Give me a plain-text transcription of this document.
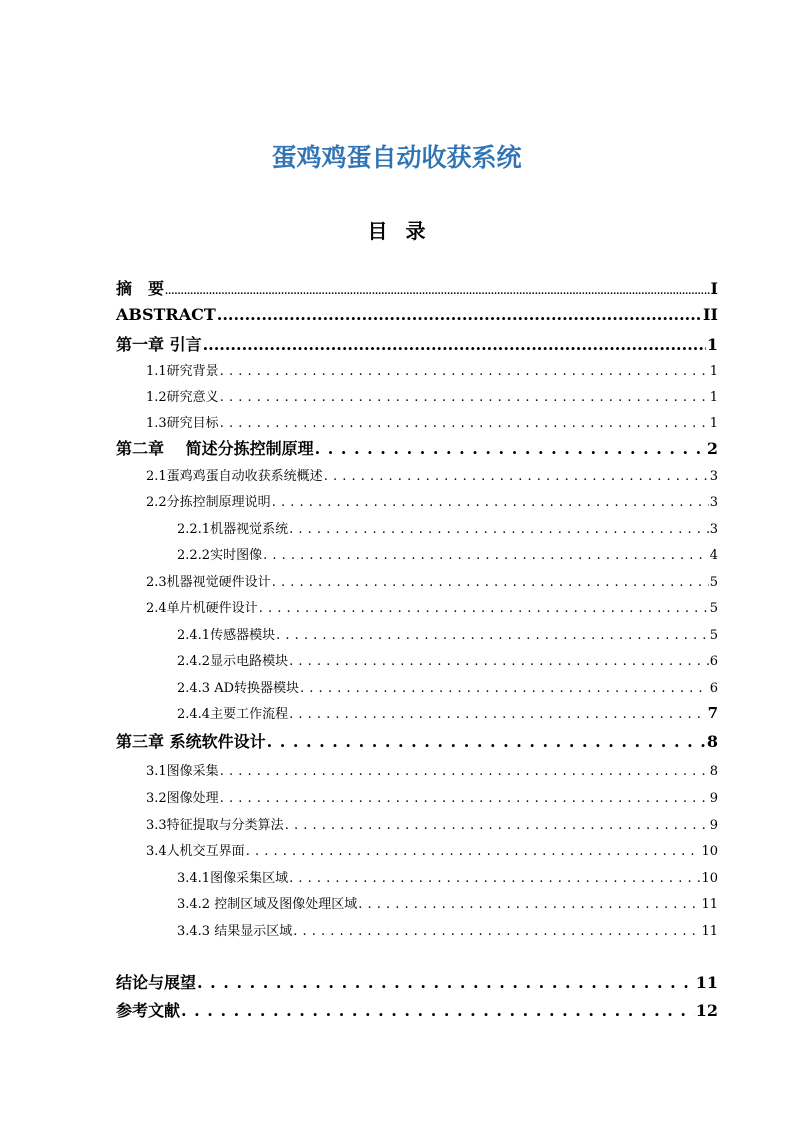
蛋鸡鸡蛋自动收获系统
目录
摘　要 .....	I
ABSTRACT .....	II
第一章 引言 .....	1
1.1研究背景 . . .	1
1.2研究意义 . . .	1
1.3研究目标 . . .	1
第二章　 简述分拣控制原理 . . .	2
2.1蛋鸡鸡蛋自动收获系统概述 . . .	3
2.2分拣控制原理说明 . . .	3
2.2.1机器视觉系统 . . .	3
2.2.2实时图像 . . .	4
2.3机器视觉硬件设计 . . .	5
2.4单片机硬件设计 . . .	5
2.4.1传感器模块 . . .	5
2.4.2显示电路模块 . . .	6
2.4.3 AD转换器模块 . . .	6
2.4.4主要工作流程 . . .	7
第三章 系统软件设计 . . .	8
3.1图像采集 . . .	8
3.2图像处理 . . .	9
3.3特征提取与分类算法 . . .	9
3.4人机交互界面 . . .	10
3.4.1图像采集区域 . . .	10
3.4.2 控制区域及图像处理区域 . . .	11
3.4.3 结果显示区域 . . .	11
结论与展望 . . .	11
参考文献 . . .	12
